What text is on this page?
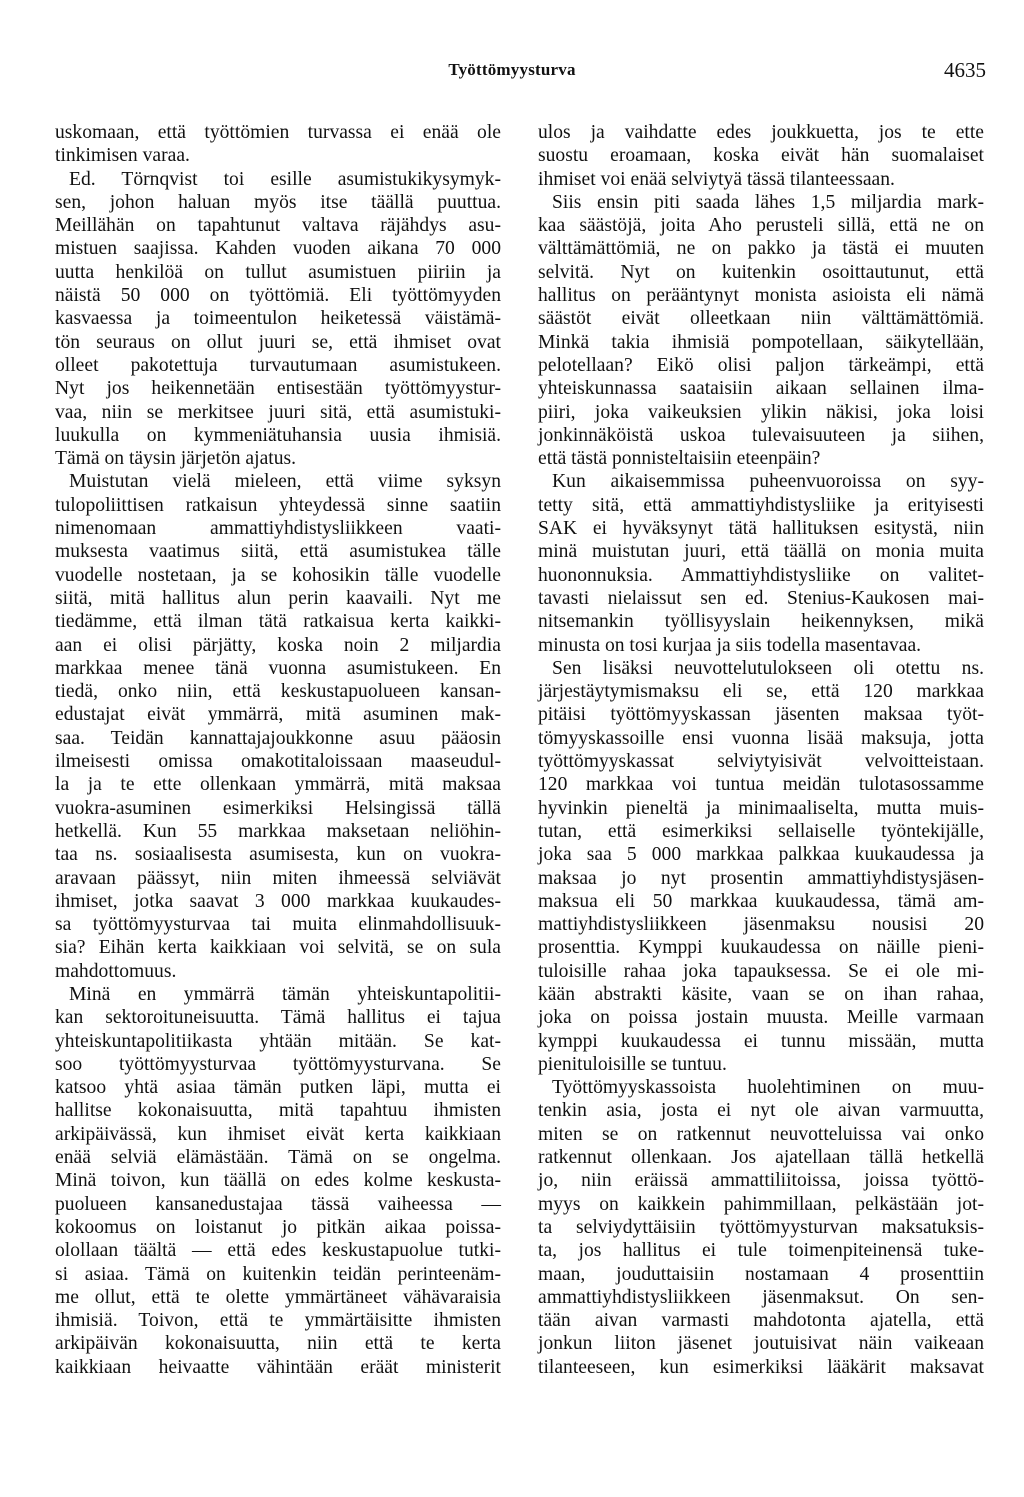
Työttömyysturva	4635
uskomaan, että työttömien turvassa ei enää ole
tinkimisen varaa.
Ed. Törnqvist toi esille asumistukikysymyk-
sen, johon haluan myös itse täällä puuttua.
Meillähän on tapahtunut valtava räjähdys asu-
mistuen saajissa. Kahden vuoden aikana 70 000
uutta henkilöä on tullut asumistuen piiriin ja
näistä 50 000 on työttömiä. Eli työttömyyden
kasvaessa ja toimeentulon heiketessä väistämä-
tön seuraus on ollut juuri se, että ihmiset ovat
olleet pakotettuja turvautumaan asumistukeen.
Nyt jos heikennetään entisestään työttömyystur-
vaa, niin se merkitsee juuri sitä, että asumistuki-
luukulla on kymmeniätuhansia uusia ihmisiä.
Tämä on täysin järjetön ajatus.
Muistutan vielä mieleen, että viime syksyn
tulopoliittisen ratkaisun yhteydessä sinne saatiin
nimenomaan ammattiyhdistysliikkeen vaati-
muksesta vaatimus siitä, että asumistukea tälle
vuodelle nostetaan, ja se kohosikin tälle vuodelle
siitä, mitä hallitus alun perin kaavaili. Nyt me
tiedämme, että ilman tätä ratkaisua kerta kaikki-
aan ei olisi pärjätty, koska noin 2 miljardia
markkaa menee tänä vuonna asumistukeen. En
tiedä, onko niin, että keskustapuolueen kansan-
edustajat eivät ymmärrä, mitä asuminen mak-
saa. Teidän kannattajajoukkonne asuu pääosin
ilmeisesti omissa omakotitaloissaan maaseudul-
la ja te ette ollenkaan ymmärrä, mitä maksaa
vuokra-asuminen esimerkiksi Helsingissä tällä
hetkellä. Kun 55 markkaa maksetaan neliöhin-
taa ns. sosiaalisesta asumisesta, kun on vuokra-
aravaan päässyt, niin miten ihmeessä selviävät
ihmiset, jotka saavat 3 000 markkaa kuukaudes-
sa työttömyysturvaa tai muita elinmahdollisuuk-
sia? Eihän kerta kaikkiaan voi selvitä, se on sula
mahdottomuus.
Minä en ymmärrä tämän yhteiskuntapolitii-
kan sektoroituneisuutta. Tämä hallitus ei tajua
yhteiskuntapolitiikasta yhtään mitään. Se kat-
soo työttömyysturvaa työttömyysturvana. Se
katsoo yhtä asiaa tämän putken läpi, mutta ei
hallitse kokonaisuutta, mitä tapahtuu ihmisten
arkipäivässä, kun ihmiset eivät kerta kaikkiaan
enää selviä elämästään. Tämä on se ongelma.
Minä toivon, kun täällä on edes kolme keskusta-
puolueen kansanedustajaa tässä vaiheessa —
kokoomus on loistanut jo pitkän aikaa poissa-
olollaan täältä — että edes keskustapuolue tutki-
si asiaa. Tämä on kuitenkin teidän perinteenäm-
me ollut, että te olette ymmärtäneet vähävaraisia
ihmisiä. Toivon, että te ymmärtäisitte ihmisten
arkipäivän kokonaisuutta, niin että te kerta
kaikkiaan heivaatte vähintään eräät ministerit
ulos ja vaihdatte edes joukkuetta, jos te ette
suostu eroamaan, koska eivät hän suomalaiset
ihmiset voi enää selviytyä tässä tilanteessaan.
Siis ensin piti saada lähes 1,5 miljardia mark-
kaa säästöjä, joita Aho perusteli sillä, että ne on
välttämättömiä, ne on pakko ja tästä ei muuten
selvitä. Nyt on kuitenkin osoittautunut, että
hallitus on perääntynyt monista asioista eli nämä
säästöt eivät olleetkaan niin välttämättömiä.
Minkä takia ihmisiä pompotellaan, säikytellään,
pelotellaan? Eikö olisi paljon tärkeämpi, että
yhteiskunnassa saataisiin aikaan sellainen ilma-
piiri, joka vaikeuksien ylikin näkisi, joka loisi
jonkinnäköistä uskoa tulevaisuuteen ja siihen,
että tästä ponnisteltaisiin eteenpäin?
Kun aikaisemmissa puheenvuoroissa on syy-
tetty sitä, että ammattiyhdistysliike ja erityisesti
SAK ei hyväksynyt tätä hallituksen esitystä, niin
minä muistutan juuri, että täällä on monia muita
huononnuksia. Ammattiyhdistysliike on valitet-
tavasti nielaissut sen ed. Stenius-Kaukosen mai-
nitsemankin työllisyyslain heikennyksen, mikä
minusta on tosi kurjaa ja siis todella masentavaa.
Sen lisäksi neuvottelutulokseen oli otettu ns.
järjestäytymismaksu eli se, että 120 markkaa
pitäisi työttömyyskassan jäsenten maksaa työt-
tömyyskassoille ensi vuonna lisää maksuja, jotta
työttömyyskassat selviytyisivät velvoitteistaan.
120 markkaa voi tuntua meidän tulotasossamme
hyvinkin pieneltä ja minimaaliselta, mutta muis-
tutan, että esimerkiksi sellaiselle työntekijälle,
joka saa 5 000 markkaa palkkaa kuukaudessa ja
maksaa jo nyt prosentin ammattiyhdistysjäsen-
maksua eli 50 markkaa kuukaudessa, tämä am-
mattiyhdistysliikkeen jäsenmaksu nousisi 20
prosenttia. Kymppi kuukaudessa on näille pieni-
tuloisille rahaa joka tapauksessa. Se ei ole mi-
kään abstrakti käsite, vaan se on ihan rahaa,
joka on poissa jostain muusta. Meille varmaan
kymppi kuukaudessa ei tunnu missään, mutta
pienituloisille se tuntuu.
Työttömyyskassoista huolehtiminen on muu-
tenkin asia, josta ei nyt ole aivan varmuutta,
miten se on ratkennut neuvotteluissa vai onko
ratkennut ollenkaan. Jos ajatellaan tällä hetkellä
jo, niin eräissä ammattiliitoissa, joissa työttö-
myys on kaikkein pahimmillaan, pelkästään jot-
ta selviydyttäisiin työttömyysturvan maksatuksis-
ta, jos hallitus ei tule toimenpiteinensä tuke-
maan, jouduttaisiin nostamaan 4 prosenttiin
ammattiyhdistysliikkeen jäsenmaksut. On sen-
tään aivan varmasti mahdotonta ajatella, että
jonkun liiton jäsenet joutuisivat näin vaikeaan
tilanteeseen, kun esimerkiksi lääkärit maksavat
